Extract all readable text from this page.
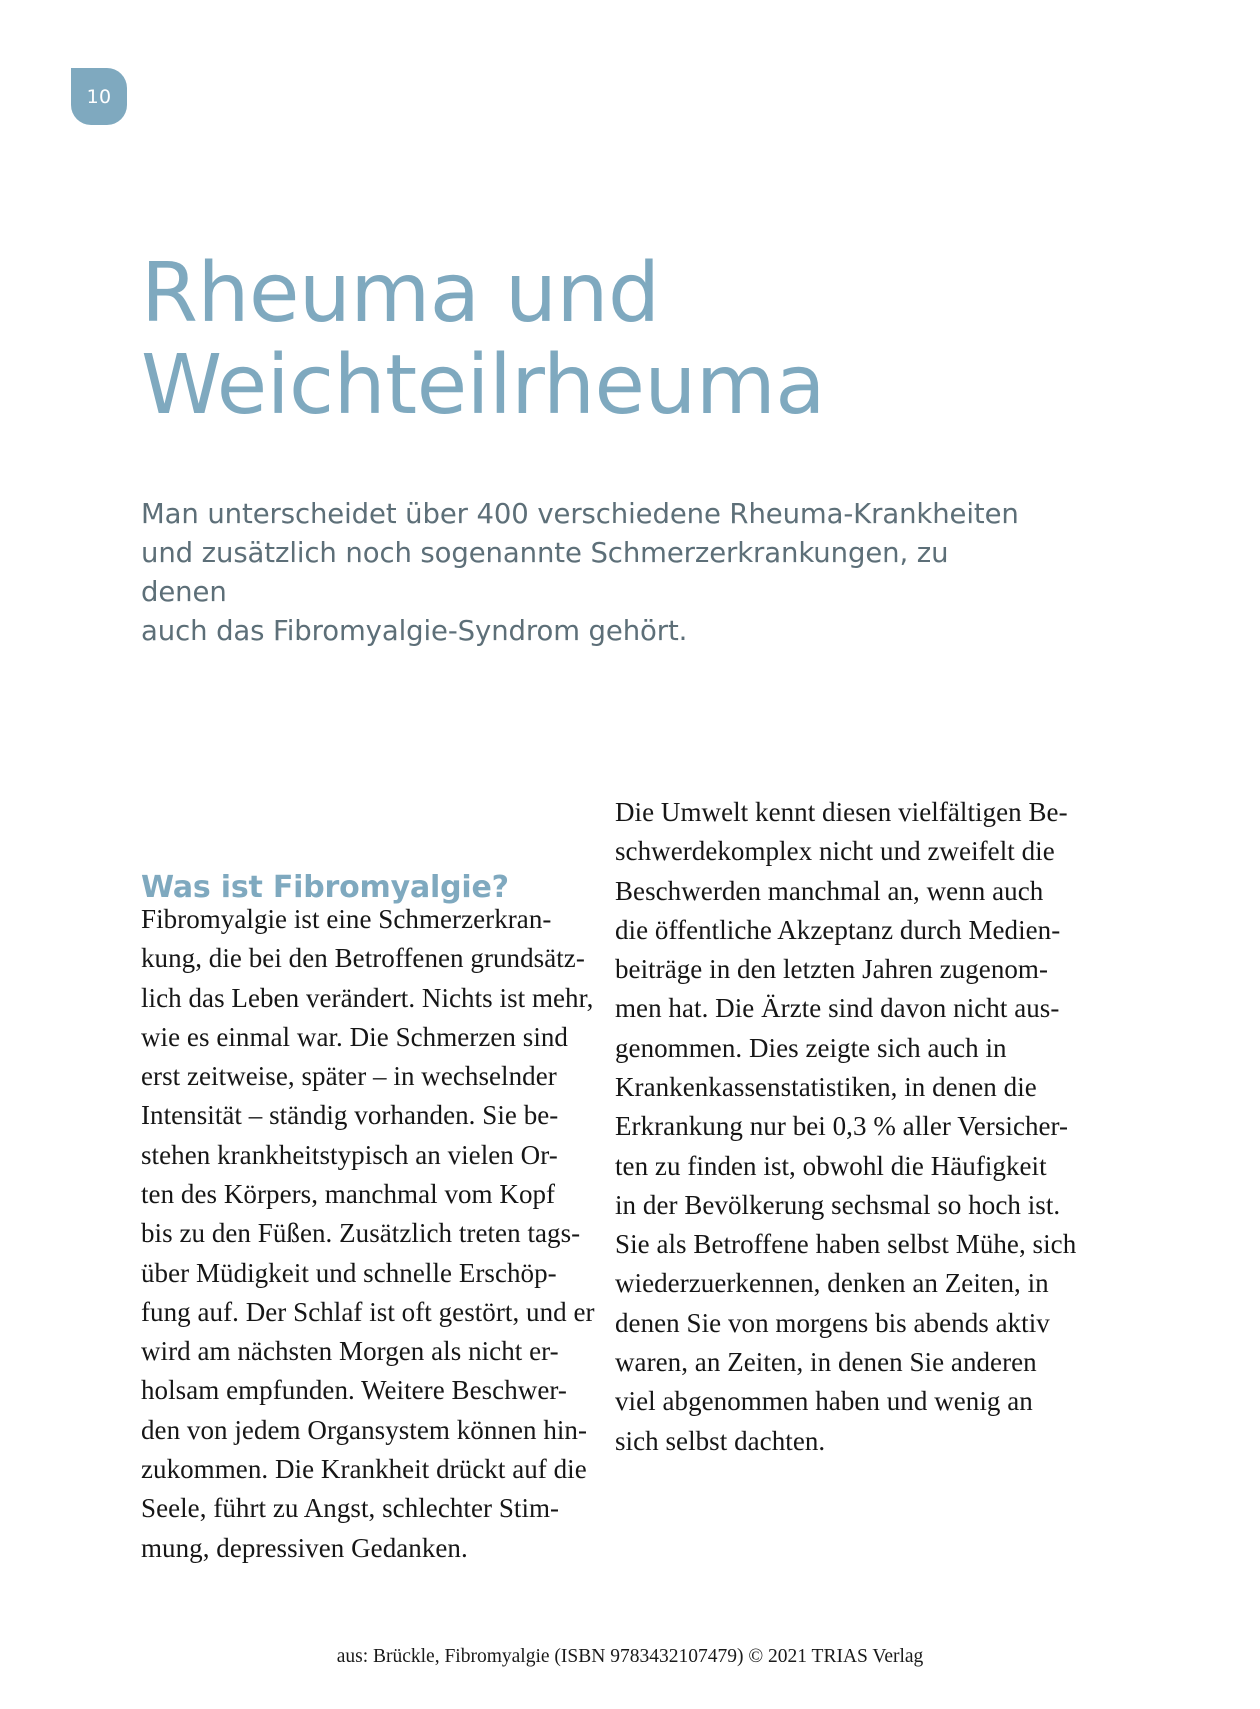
10
Rheuma und
Weichteilrheuma
Man unterscheidet über 400 verschiedene Rheuma-Krankheiten
und zusätzlich noch sogenannte Schmerzerkrankungen, zu denen
auch das Fibromyalgie-Syndrom gehört.
Was ist Fibromyalgie?

Fibromyalgie ist eine Schmerzerkran-
kung, die bei den Betroffenen grundsätz-
lich das Leben verändert. Nichts ist mehr,
wie es einmal war. Die Schmerzen sind
erst zeitweise, später – in wechselnder
Intensität – ständig vorhanden. Sie be-
stehen krankheitstypisch an vielen Or-
ten des Körpers, manchmal vom Kopf
bis zu den Füßen. Zusätzlich treten tags-
über Müdigkeit und schnelle Erschöp-
fung auf. Der Schlaf ist oft gestört, und er
wird am nächsten Morgen als nicht er-
holsam empfunden. Weitere Beschwer-
den von jedem Organsystem können hin-
zukommen. Die Krankheit drückt auf die
Seele, führt zu Angst, schlechter Stim-
mung, depressiven Gedanken.

Die Umwelt kennt diesen vielfältigen Be-
schwerdekomplex nicht und zweifelt die
Beschwerden manchmal an, wenn auch
die öffentliche Akzeptanz durch Medien-
beiträge in den letzten Jahren zugenom-
men hat. Die Ärzte sind davon nicht aus-
genommen. Dies zeigte sich auch in
Krankenkassenstatistiken, in denen die
Erkrankung nur bei 0,3 % aller Versicher-
ten zu finden ist, obwohl die Häufigkeit
in der Bevölkerung sechsmal so hoch ist.
Sie als Betroffene haben selbst Mühe, sich
wiederzuerkennen, denken an Zeiten, in
denen Sie von morgens bis abends aktiv
waren, an Zeiten, in denen Sie anderen
viel abgenommen haben und wenig an
sich selbst dachten.

aus: Brückle, Fibromyalgie (ISBN 9783432107479) © 2021 TRIAS Verlag
